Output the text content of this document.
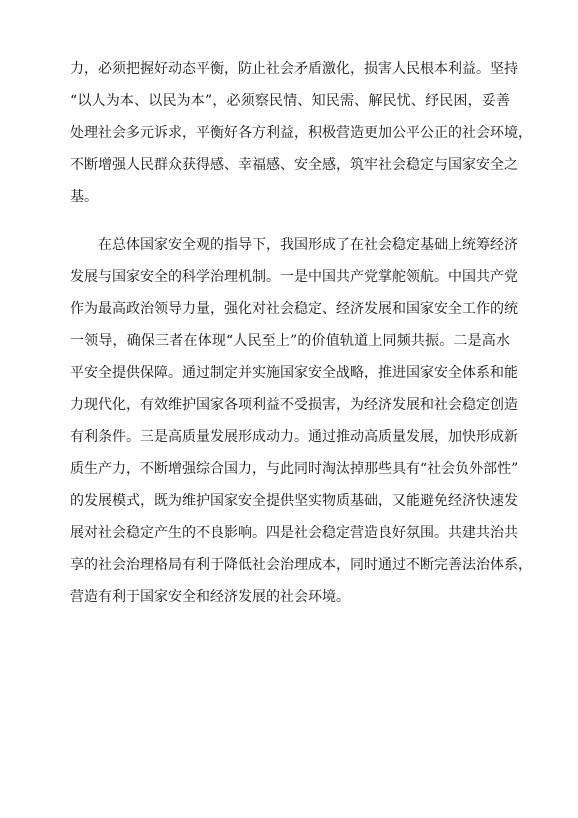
力，必须把握好动态平衡，防止社会矛盾激化，损害人民根本利益。坚持
“以人为本、以民为本”，必须察民情、知民需、解民忧、纾民困，妥善
处理社会多元诉求，平衡好各方利益，积极营造更加公平公正的社会环境，
不断增强人民群众获得感、幸福感、安全感，筑牢社会稳定与国家安全之
基。
在总体国家安全观的指导下，我国形成了在社会稳定基础上统筹经济
发展与国家安全的科学治理机制。一是中国共产党掌舵领航。中国共产党
作为最高政治领导力量，强化对社会稳定、经济发展和国家安全工作的统
一领导，确保三者在体现“人民至上”的价值轨道上同频共振。二是高水
平安全提供保障。通过制定并实施国家安全战略，推进国家安全体系和能
力现代化，有效维护国家各项利益不受损害，为经济发展和社会稳定创造
有利条件。三是高质量发展形成动力。通过推动高质量发展，加快形成新
质生产力，不断增强综合国力，与此同时淘汰掉那些具有“社会负外部性”
的发展模式，既为维护国家安全提供坚实物质基础，又能避免经济快速发
展对社会稳定产生的不良影响。四是社会稳定营造良好氛围。共建共治共
享的社会治理格局有利于降低社会治理成本，同时通过不断完善法治体系，
营造有利于国家安全和经济发展的社会环境。
